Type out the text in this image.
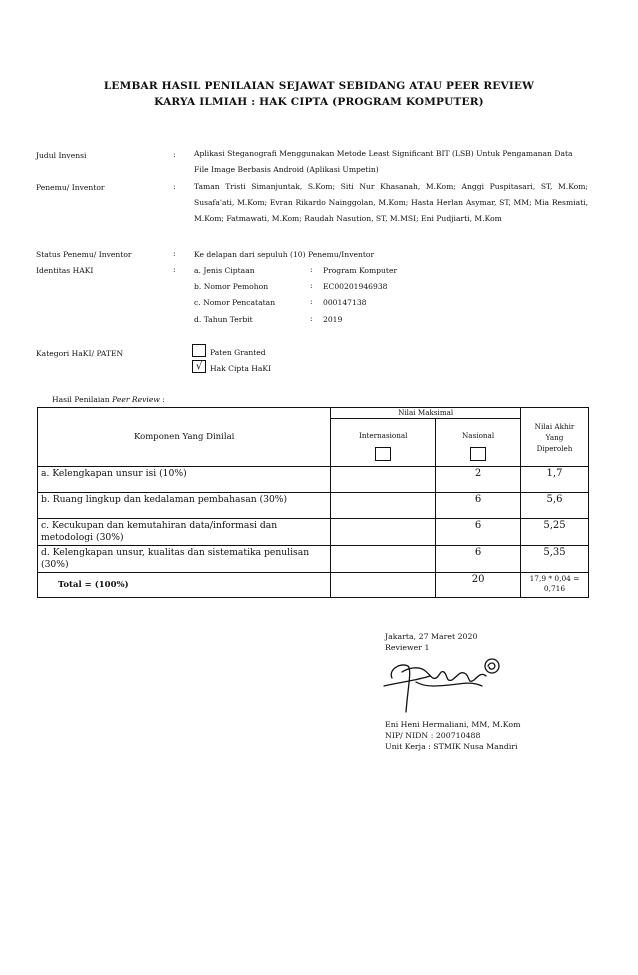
LEMBAR HASIL PENILAIAN SEJAWAT SEBIDANG ATAU PEER REVIEW
KARYA ILMIAH : HAK CIPTA (PROGRAM KOMPUTER)
Judul Invensi	: Aplikasi Steganografi Menggunakan Metode Least Significant BIT (LSB) Untuk Pengamanan Data File Image Berbasis Android (Aplikasi Umpetin)
Penemu/ Inventor	: Taman Tristi Simanjuntak, S.Kom; Siti Nur Khasanah, M.Kom; Anggi Puspitasari, ST, M.Kom; Susafa'ati, M.Kom; Evran Rikardo Nainggolan, M.Kom; Hasta Herlan Asymar, ST, MM; Mia Resmiati, M.Kom; Fatmawati, M.Kom; Raudah Nasution, ST, M.MSI; Eni Pudjiarti, M.Kom
Status Penemu/ Inventor	: Ke delapan dari sepuluh (10) Penemu/Inventor
Identitas HAKI	: a. Jenis Ciptaan	: Program Komputer
b. Nomor Pemohon	: EC00201946938
c. Nomor Pencatatan	: 000147138
d. Tahun Terbit	: 2019
Kategori HaKI/ PATEN	Paten Granted
√	Hak Cipta HaKI
Hasil Penilaian Peer Review :
Komponen Yang Dinilai	Nilai Maksimal		Nilai Akhir Yang Diperoleh

	Internasional	Nasional	

a. Kelengkapan unsur isi (10%)		2	1,7
b. Ruang lingkup dan kedalaman pembahasan (30%)		6	5,6
c. Kecukupan dan kemutahiran data/informasi dan metodologi (30%)		6	5,25
d. Kelengkapan unsur, kualitas dan sistematika penulisan (30%)		6	5,35
Total = (100%)		20	17,9 * 0,04 = 0,716
Jakarta, 27 Maret 2020
Reviewer 1
Eni Heni Hermaliani, MM, M.Kom
NIP/ NIDN : 200710488
Unit Kerja : STMIK Nusa Mandiri
